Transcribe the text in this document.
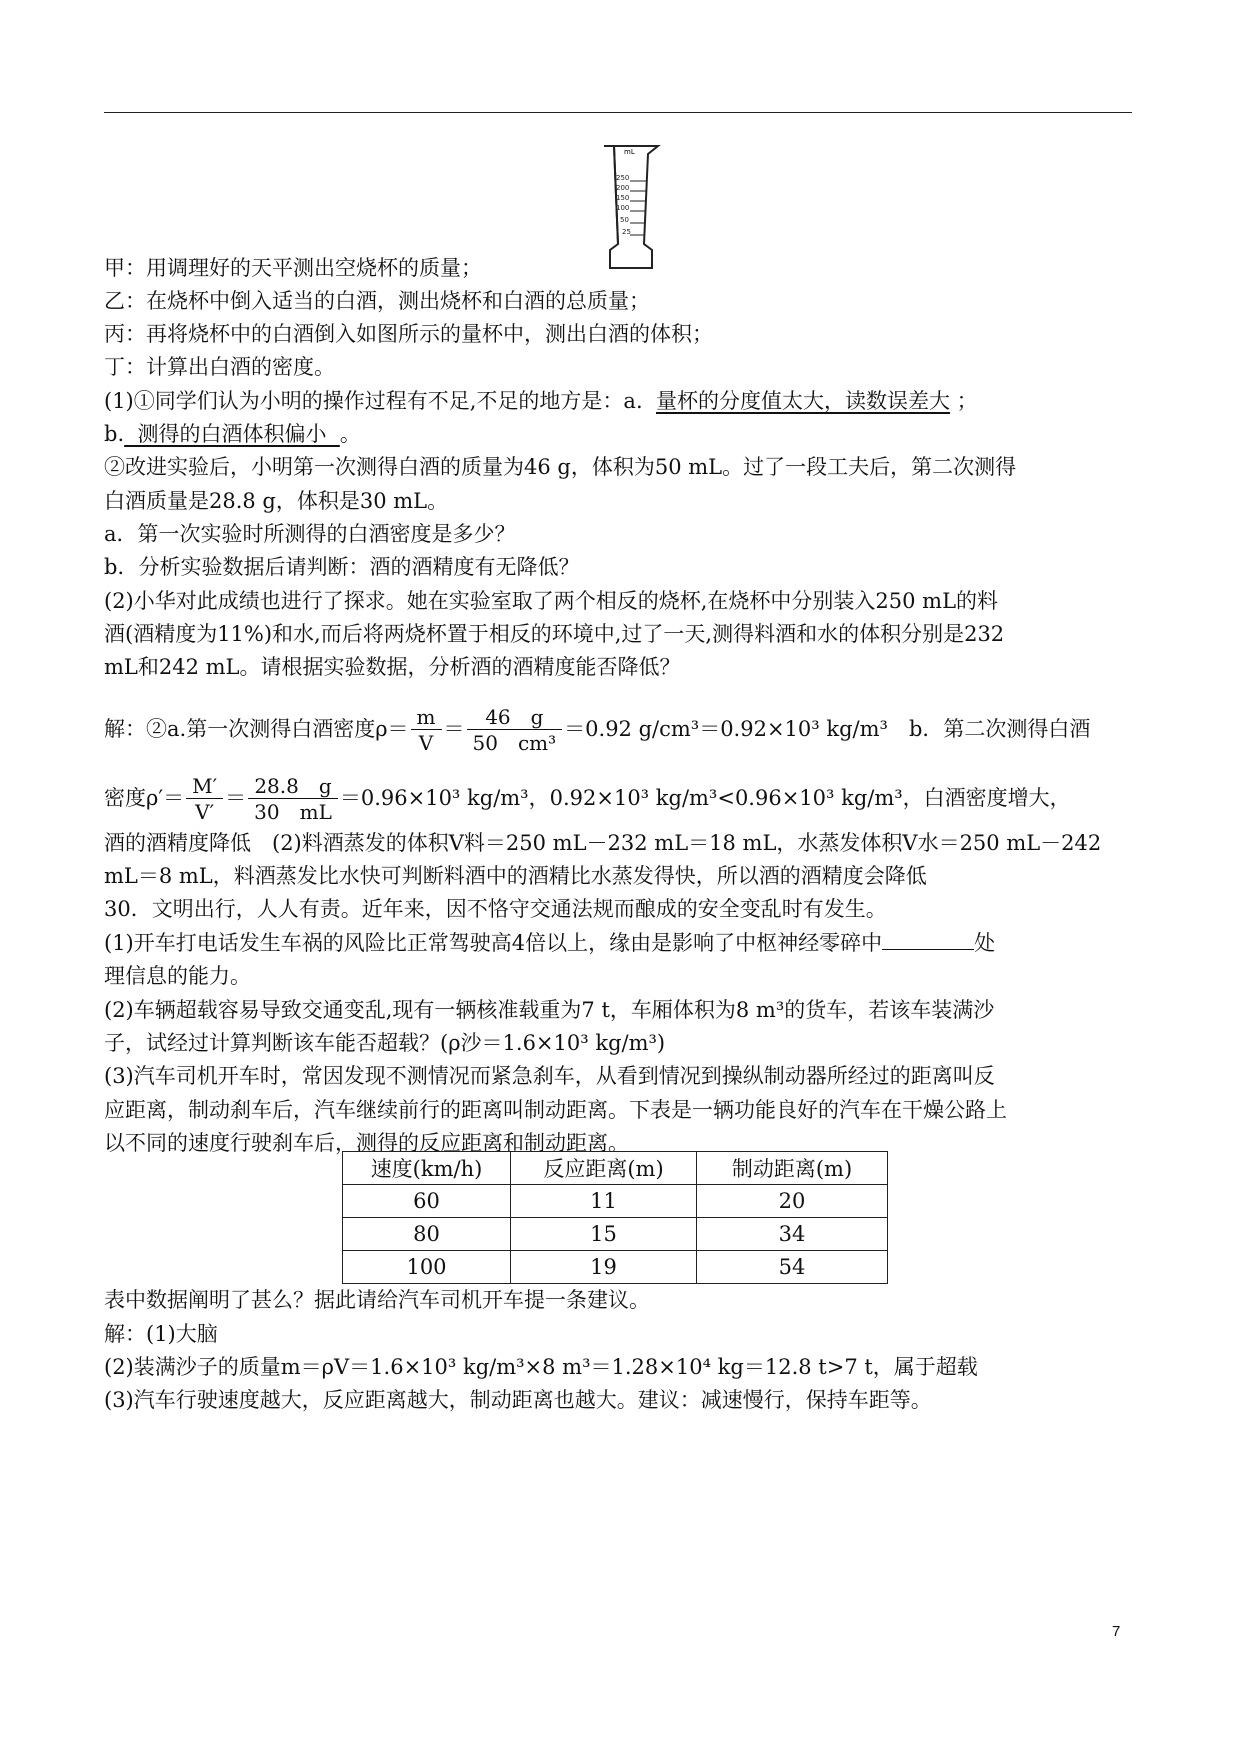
mL
250
200
150
100
50
25
甲：用调理好的天平测出空烧杯的质量；
乙：在烧杯中倒入适当的白酒，测出烧杯和白酒的总质量；
丙：再将烧杯中的白酒倒入如图所示的量杯中，测出白酒的体积；
丁：计算出白酒的密度。
(1)①同学们认为小明的操作过程有不足,不足的地方是：a. 量杯的分度值太大，读数误差大 ；
b. 测得的白酒体积偏小 。
②改进实验后，小明第一次测得白酒的质量为46 g，体积为50 mL。过了一段工夫后，第二次测得
白酒质量是28.8 g，体积是30 mL。
a．第一次实验时所测得的白酒密度是多少？
b．分析实验数据后请判断：酒的酒精度有无降低？
(2)小华对此成绩也进行了探求。她在实验室取了两个相反的烧杯,在烧杯中分别装入250 mL的料
酒(酒精度为11%)和水,而后将两烧杯置于相反的环境中,过了一天,测得料酒和水的体积分别是232
mL和242 mL。请根据实验数据，分析酒的酒精度能否降低？
解：②a.第一次测得白酒密度$\rho= \frac{m}{V} = \frac{46 g}{\text{50　cm³}} =0.92$ g/cm³＝0.92×10³ kg/m³　b．第二次测得白酒
密度$\rho'= \frac{M'}{V'} = \frac{28.8 g}{30 mL} =0.96\times 10^3$ kg/m³，0.92×10³ kg/m³<0.96×10³ kg/m³，白酒密度增大，
酒的酒精度降低　(2)料酒蒸发的体积V料＝250 mL－232 mL＝18 mL，水蒸发体积V水＝250 mL－242
mL＝8 mL，料酒蒸发比水快可判断料酒中的酒精比水蒸发得快，所以酒的酒精度会降低
30．文明出行，人人有责。近年来，因不恪守交通法规而酿成的安全变乱时有发生。
(1)开车打电话发生车祸的风险比正常驾驶高4倍以上，缘由是影响了中枢神经零碎中	处
理信息的能力。
(2)车辆超载容易导致交通变乱,现有一辆核准载重为7 t，车厢体积为8 m³的货车，若该车装满沙
子，试经过计算判断该车能否超载？(ρ沙＝1.6×10³ kg/m³)
(3)汽车司机开车时，常因发现不测情况而紧急刹车，从看到情况到操纵制动器所经过的距离叫反
应距离，制动刹车后，汽车继续前行的距离叫制动距离。下表是一辆功能良好的汽车在干燥公路上
以不同的速度行驶刹车后，测得的反应距离和制动距离。
速度(km/h)	反应距离(m)	制动距离(m)
60	11	20
80	15	34
100	19	54
表中数据阐明了甚么？据此请给汽车司机开车提一条建议。
解：(1)大脑
(2)装满沙子的质量m＝ρV＝1.6×10³ kg/m³×8 m³＝1.28×10⁴ kg＝12.8 t>7 t，属于超载
(3)汽车行驶速度越大，反应距离越大，制动距离也越大。建议：减速慢行，保持车距等。
7
